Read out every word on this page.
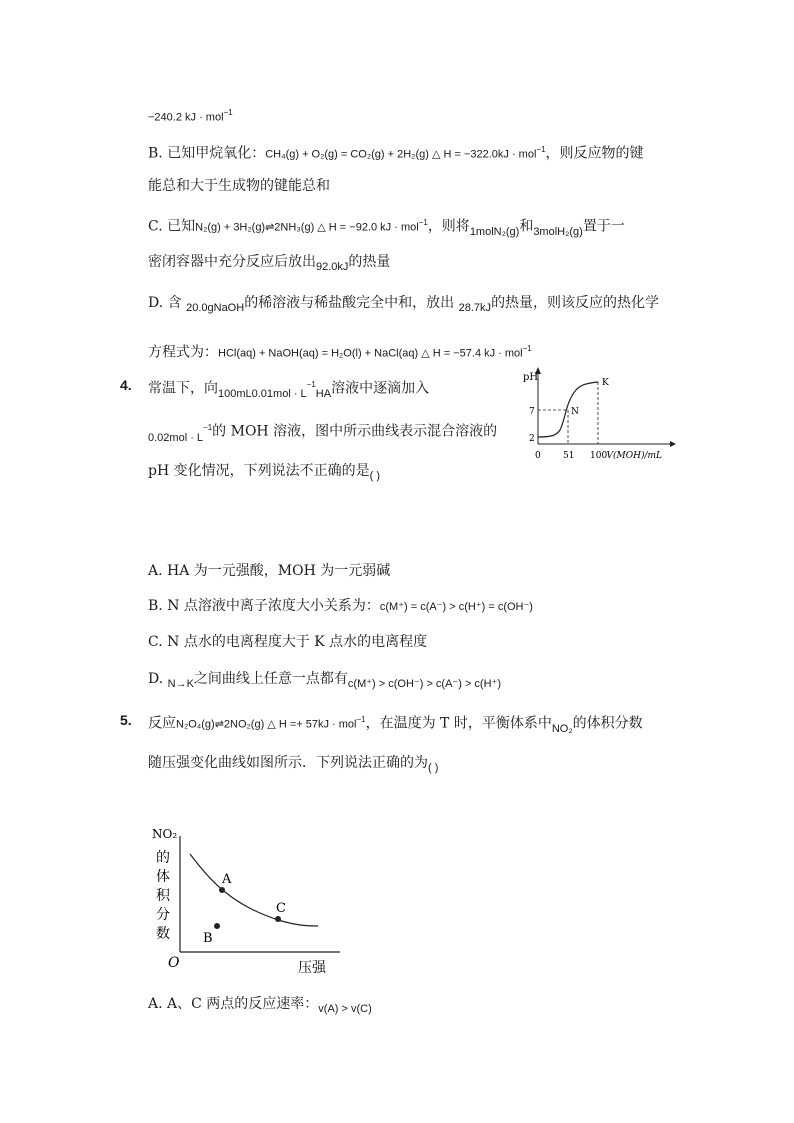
−240.2 kJ · mol$^{-1}$
B. 已知甲烷氧化：CH₄(g) + O₂(g) = CO₂(g) + 2H₂(g) △ H = −322.0kJ · mol$^{-1}$，则反应物的键
能总和大于生成物的键能总和
C. 已知N₂(g) + 3H₂(g)⇌2NH₃(g) △ H = −92.0 kJ · mol$^{-1}$，则将$_{1molN_2(g)}$和$_{3molH_2(g)}$置于一
密闭容器中充分反应后放出$_{92.0kJ}$的热量
D. 含 $_{20.0gNaOH}$的稀溶液与稀盐酸完全中和，放出 $_{28.7kJ}$的热量，则该反应的热化学
方程式为：HCl(aq) + NaOH(aq) = H₂O(l) + NaCl(aq) △ H = −57.4 kJ · mol$^{-1}$
4. 常温下，向$_{100mL0.01mol \cdot L}^{-1}_{HA}$溶液中逐滴加入
$_{0.02mol \cdot L}^{-1}$的 MOH 溶液，图中所示曲线表示混合溶液的
pH 变化情况，下列说法不正确的是$_{( )}$
pH
V(MOH)/mL
0
2
7
51 100
N
K
A. HA 为一元强酸，MOH 为一元弱碱
B. N 点溶液中离子浓度大小关系为：c(M⁺) = c(A⁻) > c(H⁺) = c(OH⁻)
C. N 点水的电离程度大于 K 点水的电离程度
D. $_{N\to K}$之间曲线上任意一点都有$_{c(M^+) > c(OH^-) > c(A^-) > c(H^+)}$
5. 反应N₂O₄(g)⇌2NO₂(g) △ H =+ 57kJ · mol$^{-1}$，在温度为 T 时，平衡体系中$_{NO_2}$的体积分数
随压强变化曲线如图所示．下列说法正确的为$_{( )}$
NO₂
的
体
积
分
数
O	压强
A
B
C
A. A、C 两点的反应速率：$_{v(A) > v(C)}$
